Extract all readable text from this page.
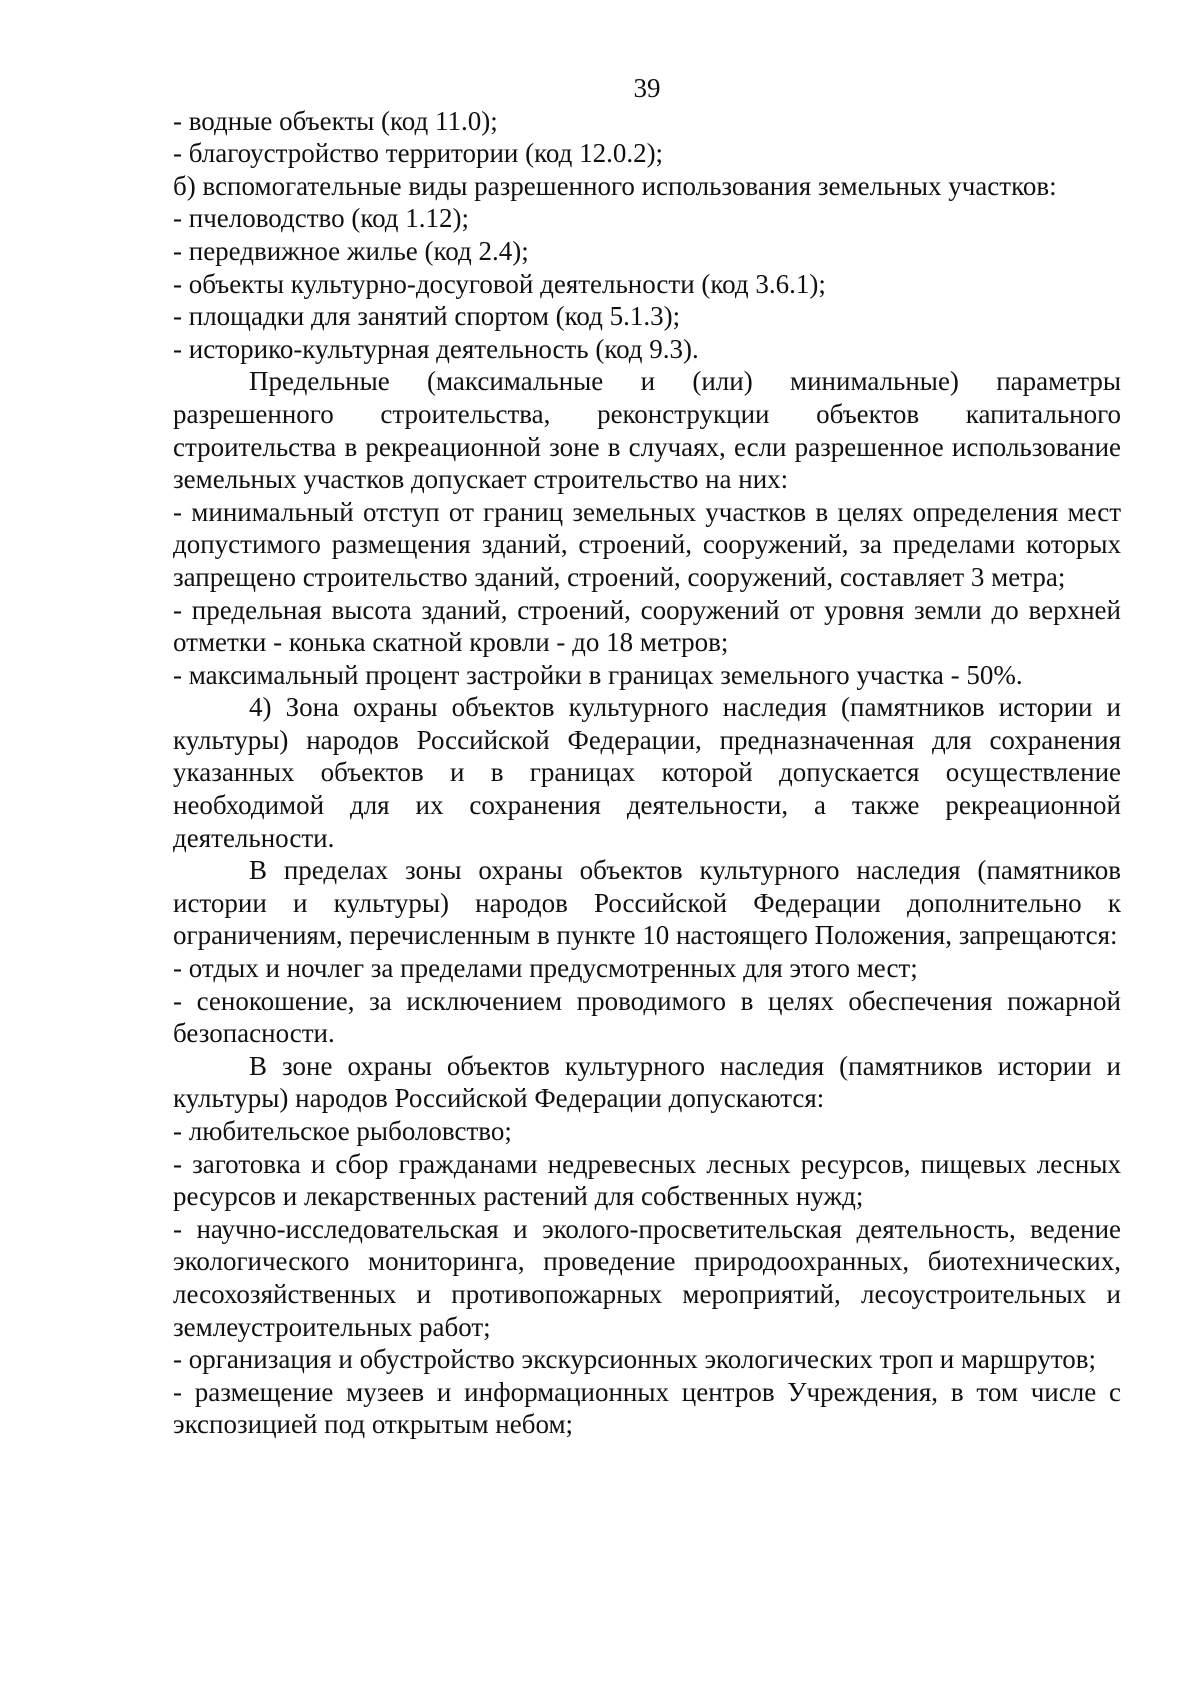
39
- водные объекты (код 11.0);
- благоустройство территории (код 12.0.2);
б) вспомогательные виды разрешенного использования земельных участков:
- пчеловодство (код 1.12);
- передвижное жилье (код 2.4);
- объекты культурно-досуговой деятельности (код 3.6.1);
- площадки для занятий спортом (код 5.1.3);
- историко-культурная деятельность (код 9.3).
Предельные (максимальные и (или) минимальные) параметры разрешенного строительства, реконструкции объектов капитального строительства в рекреационной зоне в случаях, если разрешенное использование земельных участков допускает строительство на них:
- минимальный отступ от границ земельных участков в целях определения мест допустимого размещения зданий, строений, сооружений, за пределами которых запрещено строительство зданий, строений, сооружений, составляет 3 метра;
- предельная высота зданий, строений, сооружений от уровня земли до верхней отметки - конька скатной кровли - до 18 метров;
- максимальный процент застройки в границах земельного участка - 50%.
4) Зона охраны объектов культурного наследия (памятников истории и культуры) народов Российской Федерации, предназначенная для сохранения указанных объектов и в границах которой допускается осуществление необходимой для их сохранения деятельности, а также рекреационной деятельности.
В пределах зоны охраны объектов культурного наследия (памятников истории и культуры) народов Российской Федерации дополнительно к ограничениям, перечисленным в пункте 10 настоящего Положения, запрещаются:
- отдых и ночлег за пределами предусмотренных для этого мест;
- сенокошение, за исключением проводимого в целях обеспечения пожарной безопасности.
В зоне охраны объектов культурного наследия (памятников истории и культуры) народов Российской Федерации допускаются:
- любительское рыболовство;
- заготовка и сбор гражданами недревесных лесных ресурсов, пищевых лесных ресурсов и лекарственных растений для собственных нужд;
- научно-исследовательская и эколого-просветительская деятельность, ведение экологического мониторинга, проведение природоохранных, биотехнических, лесохозяйственных и противопожарных мероприятий, лесоустроительных и землеустроительных работ;
- организация и обустройство экскурсионных экологических троп и маршрутов;
- размещение музеев и информационных центров Учреждения, в том числе с экспозицией под открытым небом;
